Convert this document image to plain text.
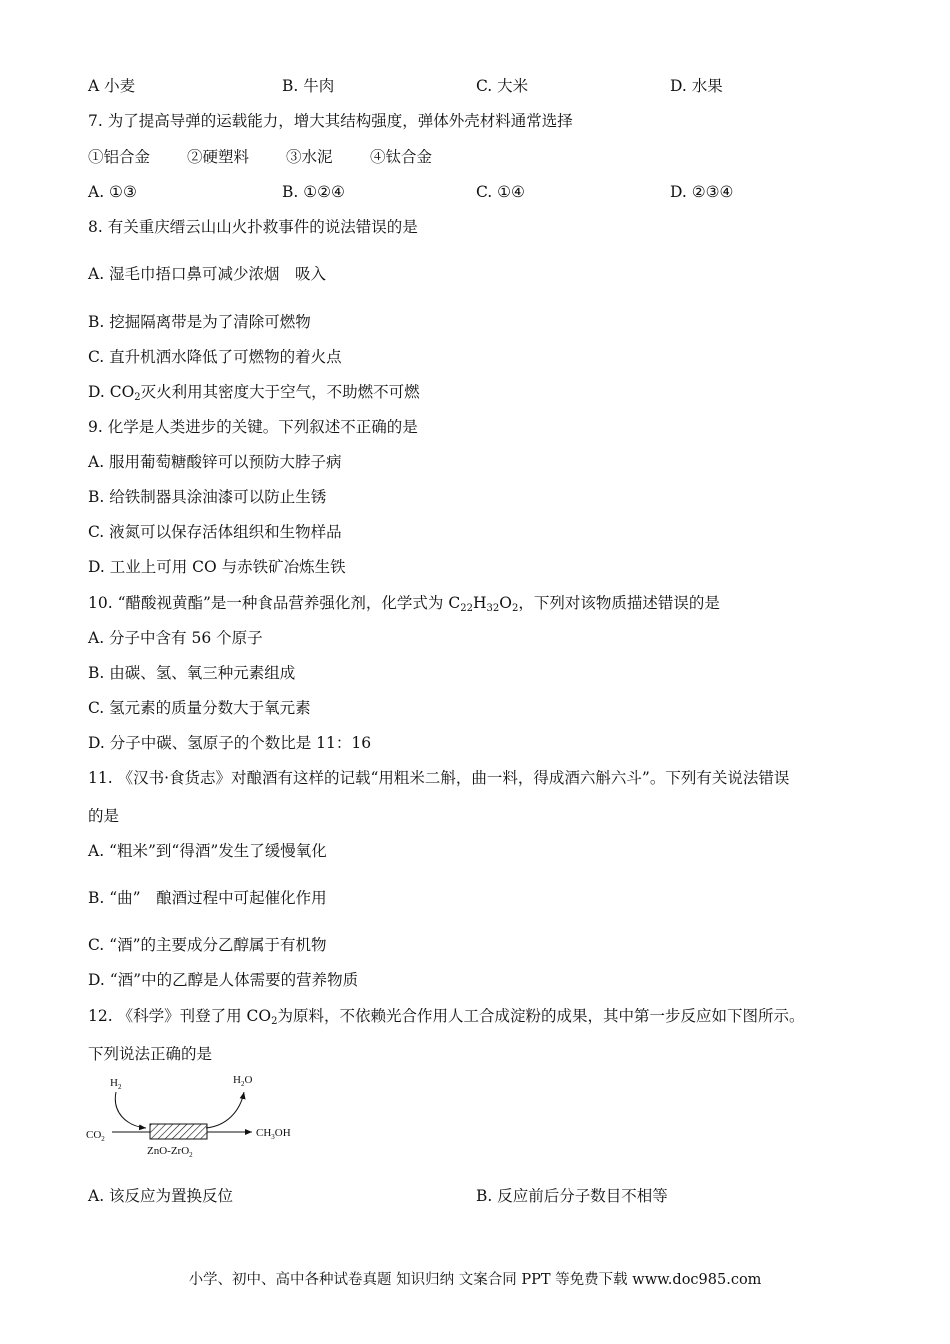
A 小麦	B. 牛肉	C. 大米	D. 水果
7. 为了提高导弹的运载能力，增大其结构强度，弹体外壳材料通常选择
①铝合金 ②硬塑料 ③水泥 ④钛合金
A. ①③	B. ①②④	C. ①④	D. ②③④
8. 有关重庆缙云山山火扑救事件的说法错误的是
A. 湿毛巾捂口鼻可减少浓烟　吸入
B. 挖掘隔离带是为了清除可燃物
C. 直升机洒水降低了可燃物的着火点
D. $CO_2$灭火利用其密度大于空气，不助燃不可燃
9. 化学是人类进步的关键。下列叙述不正确的是
A. 服用葡萄糖酸锌可以预防大脖子病
B. 给铁制器具涂油漆可以防止生锈
C. 液氮可以保存活体组织和生物样品
D. 工业上可用 CO 与赤铁矿冶炼生铁
10. “醋酸视黄酯”是一种食品营养强化剂，化学式为 $C_{22}H_{32}O_2$，下列对该物质描述错误的是
A. 分子中含有 56 个原子
B. 由碳、氢、氧三种元素组成
C. 氢元素的质量分数大于氧元素
D. 分子中碳、氢原子的个数比是 11：16
11. 《汉书·食货志》对酿酒有这样的记载“用粗米二斛，曲一料，得成酒六斛六斗”。下列有关说法错误
的是
A. “粗米”到“得酒”发生了缓慢氧化
B. “曲”　酿酒过程中可起催化作用
C. “酒”的主要成分乙醇属于有机物
D. “酒”中的乙醇是人体需要的营养物质
12. 《科学》刊登了用 $CO_2$为原料，不依赖光合作用人工合成淀粉的成果，其中第一步反应如下图所示。
下列说法正确的是
$H_2$
$H_2O$
$CO_2$	$CH_3OH$
ZnO-ZrO$_2$
A. 该反应为置换反位	B. 反应前后分子数目不相等
小学、初中、高中各种试卷真题 知识归纳 文案合同 PPT 等免费下载 www.doc985.com
